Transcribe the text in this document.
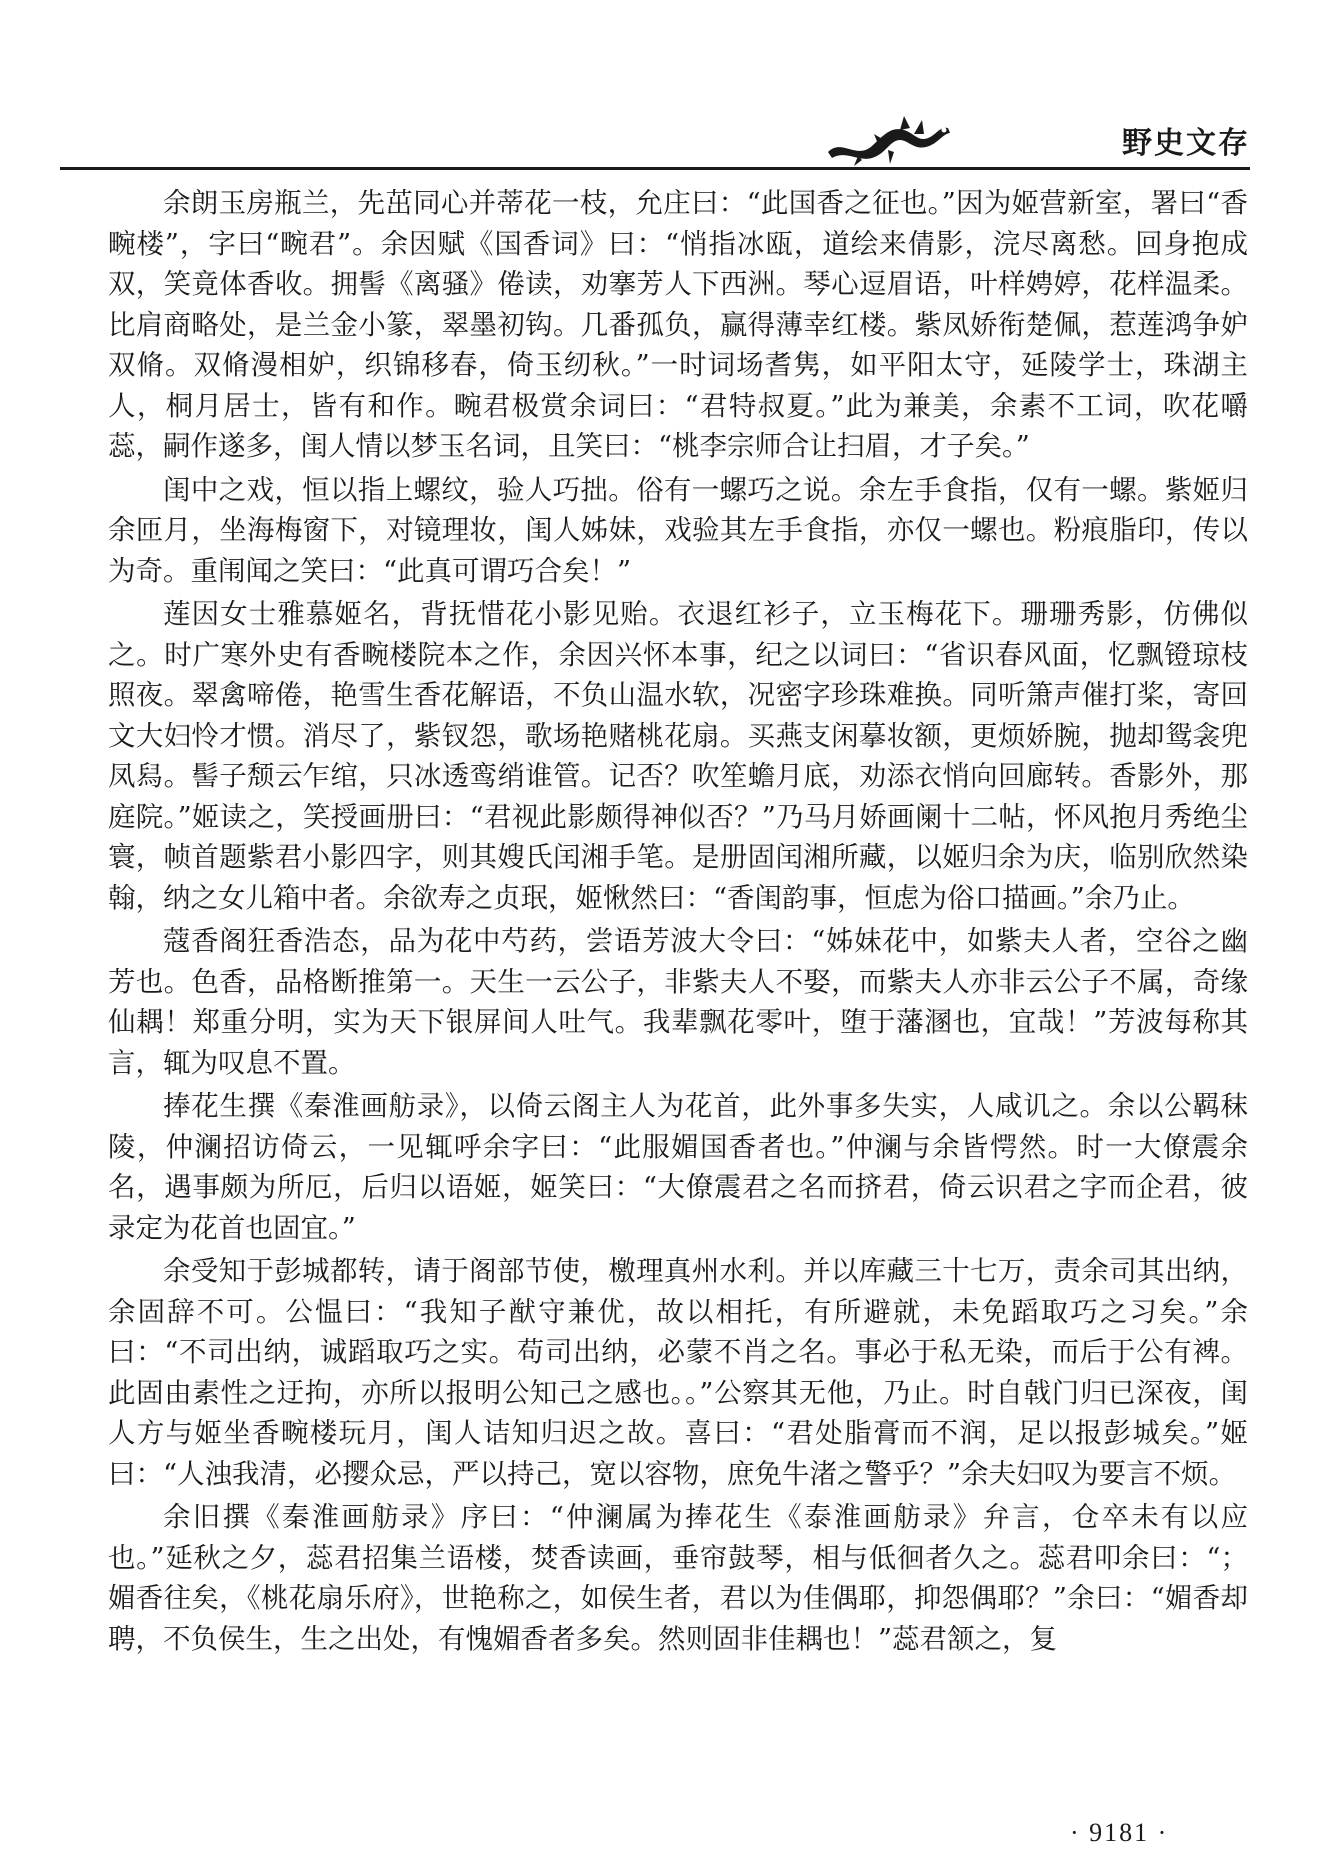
野史文存

余朗玉房瓶兰，先茁同心并蒂花一枝，允庄曰：“此国香之征也。”因为姬营新室，署曰“香畹楼”，字曰“畹君”。余因赋《国香词》曰：“悄指冰瓯，道绘来倩影，浣尽离愁。回身抱成双，笑竟体香收。拥髻《离骚》倦读，劝搴芳人下西洲。琴心逗眉语，叶样娉婷，花样温柔。比肩商略处，是兰金小篆，翠墨初钩。几番孤负，赢得薄幸红楼。紫凤娇衔楚佩，惹莲鸿争妒双脩。双脩漫相妒，织锦移春，倚玉纫秋。”一时词场耆隽，如平阳太守，延陵学士，珠湖主人，桐月居士，皆有和作。畹君极赏余词曰：“君特叔夏。”此为兼美，余素不工词，吹花嚼蕊，嗣作遂多，闺人情以梦玉名词，且笑曰：“桃李宗师合让扫眉，才子矣。”

闺中之戏，恒以指上螺纹，验人巧拙。俗有一螺巧之说。余左手食指，仅有一螺。紫姬归余匝月，坐海梅窗下，对镜理妆，闺人姊妹，戏验其左手食指，亦仅一螺也。粉痕脂印，传以为奇。重闱闻之笑曰：“此真可谓巧合矣！”

莲因女士雅慕姬名，背抚惜花小影见贻。衣退红衫子，立玉梅花下。珊珊秀影，仿佛似之。时广寒外史有香畹楼院本之作，余因兴怀本事，纪之以词曰：“省识春风面，忆飘镫琼枝照夜。翠禽啼倦，艳雪生香花解语，不负山温水软，况密字珍珠难换。同听箫声催打桨，寄回文大妇怜才惯。消尽了，紫钗怨，歌场艳赌桃花扇。买燕支闲摹妆额，更烦娇腕，抛却鸳衾兜凤舄。髻子颓云乍绾，只冰透鸾绡谁管。记否？吹笙蟾月底，劝添衣悄向回廊转。香影外，那庭院。”姬读之，笑授画册曰：“君视此影颇得神似否？”乃马月娇画阑十二帖，怀风抱月秀绝尘寰，帧首题紫君小影四字，则其嫂氏闰湘手笔。是册固闰湘所藏，以姬归余为庆，临别欣然染翰，纳之女儿箱中者。余欲寿之贞珉，姬愀然曰：“香闺韵事，恒虑为俗口描画。”余乃止。

蔻香阁狂香浩态，品为花中芍药，尝语芳波大令曰：“姊妹花中，如紫夫人者，空谷之幽芳也。色香，品格断推第一。天生一云公子，非紫夫人不娶，而紫夫人亦非云公子不属，奇缘仙耦！郑重分明，实为天下银屏间人吐气。我辈飘花零叶，堕于藩溷也，宜哉！”芳波每称其言，辄为叹息不置。

捧花生撰《秦淮画舫录》，以倚云阁主人为花首，此外事多失实，人咸讥之。余以公羁秣陵，仲澜招访倚云，一见辄呼余字曰：“此服媚国香者也。”仲澜与余皆愕然。时一大僚震余名，遇事颇为所厄，后归以语姬，姬笑曰：“大僚震君之名而挤君，倚云识君之字而企君，彼录定为花首也固宜。”

余受知于彭城都转，请于阁部节使，檄理真州水利。并以库藏三十七万，责余司其出纳，余固辞不可。公愠曰：“我知子猷守兼优，故以相托，有所避就，未免蹈取巧之习矣。”余曰：“不司出纳，诚蹈取巧之实。苟司出纳，必蒙不肖之名。事必于私无染，而后于公有裨。此固由素性之迂拘，亦所以报明公知己之感也。。”公察其无他，乃止。时自戟门归已深夜，闺人方与姬坐香畹楼玩月，闺人诘知归迟之故。喜曰：“君处脂膏而不润，足以报彭城矣。”姬曰：“人浊我清，必撄众忌，严以持己，宽以容物，庶免牛渚之警乎？”余夫妇叹为要言不烦。

余旧撰《秦淮画舫录》序曰：“仲澜属为捧花生《泰淮画舫录》弁言，仓卒未有以应也。”延秋之夕，蕊君招集兰语楼，焚香读画，垂帘鼓琴，相与低徊者久之。蕊君叩余曰：“；媚香往矣，《桃花扇乐府》，世艳称之，如侯生者，君以为佳偶耶，抑怨偶耶？”余曰：“媚香却聘，不负侯生，生之出处，有愧媚香者多矣。然则固非佳耦也！”蕊君颔之，复

· 9181 ·
